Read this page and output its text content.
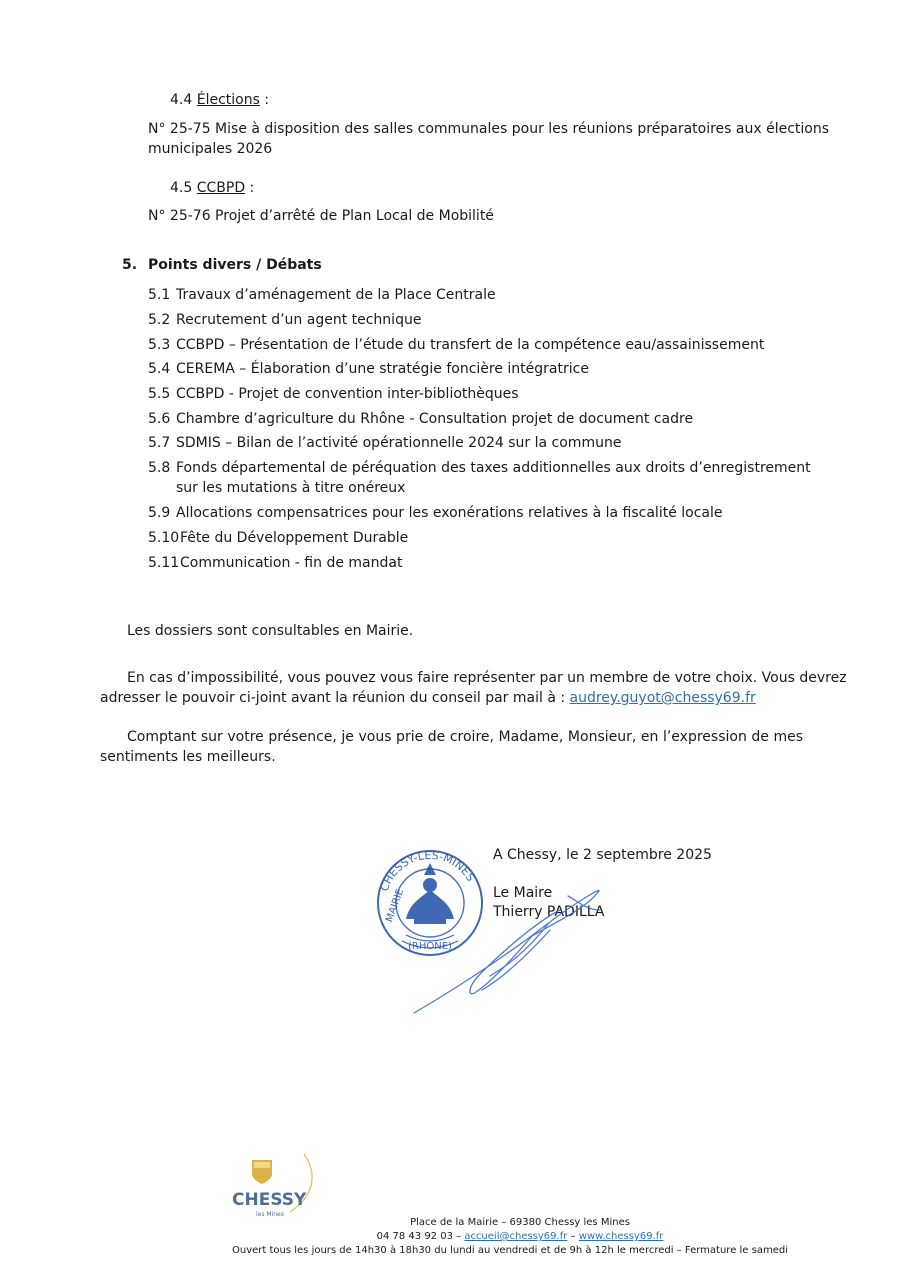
4.4 Élections :
N° 25-75 Mise à disposition des salles communales pour les réunions préparatoires aux élections
municipales 2026
4.5 CCBPD :
N° 25-76 Projet d’arrêté de Plan Local de Mobilité
5. Points divers / Débats
5.1 Travaux d’aménagement de la Place Centrale
5.2 Recrutement d’un agent technique
5.3 CCBPD – Présentation de l’étude du transfert de la compétence eau/assainissement
5.4 CEREMA – Élaboration d’une stratégie foncière intégratrice
5.5 CCBPD - Projet de convention inter-bibliothèques
5.6 Chambre d’agriculture du Rhône - Consultation projet de document cadre
5.7 SDMIS – Bilan de l’activité opérationnelle 2024 sur la commune
5.8 Fonds départemental de péréquation des taxes additionnelles aux droits d’enregistrement
sur les mutations à titre onéreux
5.9 Allocations compensatrices pour les exonérations relatives à la fiscalité locale
5.10Fête du Développement Durable
5.11Communication - fin de mandat
Les dossiers sont consultables en Mairie.
En cas d’impossibilité, vous pouvez vous faire représenter par un membre de votre choix. Vous devrez
adresser le pouvoir ci-joint avant la réunion du conseil par mail à : audrey.guyot@chessy69.fr
Comptant sur votre présence, je vous prie de croire, Madame, Monsieur, en l’expression de mes
sentiments les meilleurs.
A Chessy, le 2 septembre 2025
Le Maire
Thierry PADILLA
CHESSY-LES-MINES
(RHONE)
MAIRIE
CHESSY
les Mines
Place de la Mairie – 69380 Chessy les Mines
04 78 43 92 03 – accueil@chessy69.fr – www.chessy69.fr
Ouvert tous les jours de 14h30 à 18h30 du lundi au vendredi et de 9h à 12h le mercredi – Fermature le samedi
